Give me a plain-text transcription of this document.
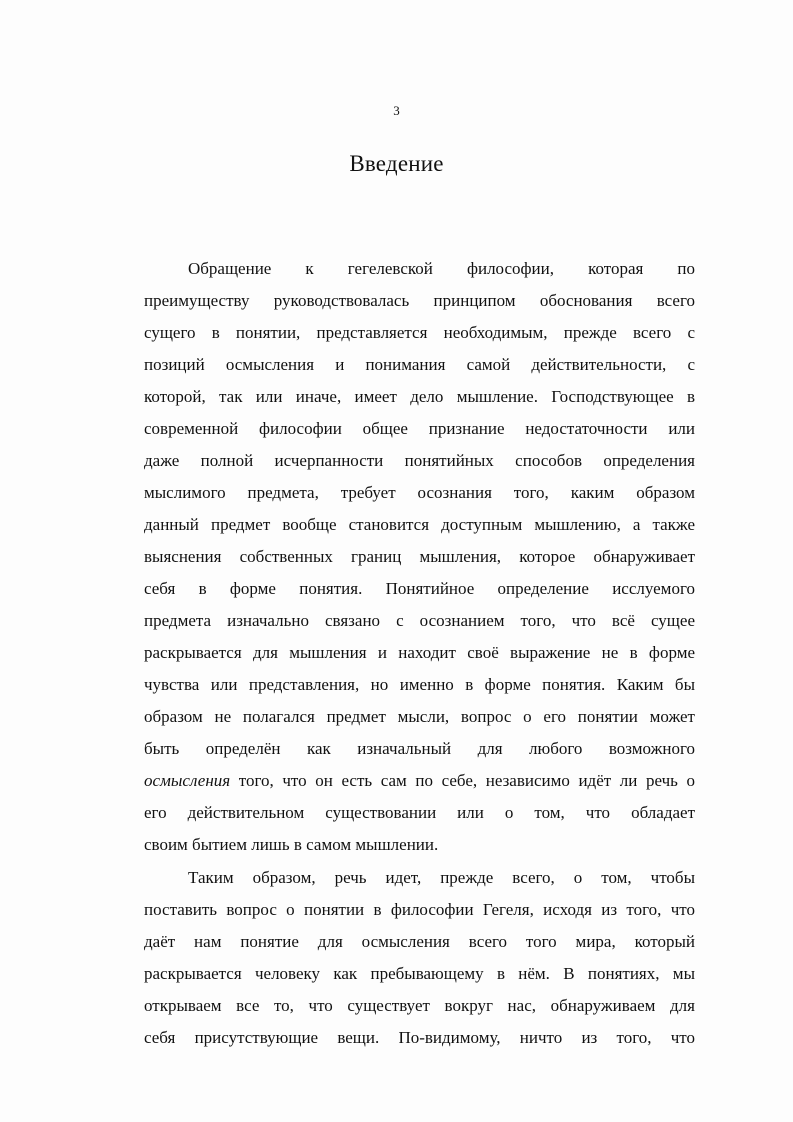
3
Введение
Обращение к гегелевской философии, которая по
преимуществу руководствовалась принципом обоснования всего
сущего в понятии, представляется необходимым, прежде всего с
позиций осмысления и понимания самой действительности, с
которой, так или иначе, имеет дело мышление. Господствующее в
современной философии общее признание недостаточности или
даже полной исчерпанности понятийных способов определения
мыслимого предмета, требует осознания того, каким образом
данный предмет вообще становится доступным мышлению, а также
выяснения собственных границ мышления, которое обнаруживает
себя в форме понятия. Понятийное определение исслуемого
предмета изначально связано с осознанием того, что всё сущее
раскрывается для мышления и находит своё выражение не в форме
чувства или представления, но именно в форме понятия. Каким бы
образом не полагался предмет мысли, вопрос о его понятии может
быть определён как изначальный для любого возможного
осмысления того, что он есть сам по себе, независимо идёт ли речь о
его действительном существовании или о том, что обладает
своим бытием лишь в самом мышлении.
Таким образом, речь идет, прежде всего, о том, чтобы
поставить вопрос о понятии в философии Гегеля, исходя из того, что
даёт нам понятие для осмысления всего того мира, который
раскрывается человеку как пребывающему в нём. В понятиях, мы
открываем все то, что существует вокруг нас, обнаруживаем для
себя присутствующие вещи. По-видимому, ничто из того, что
